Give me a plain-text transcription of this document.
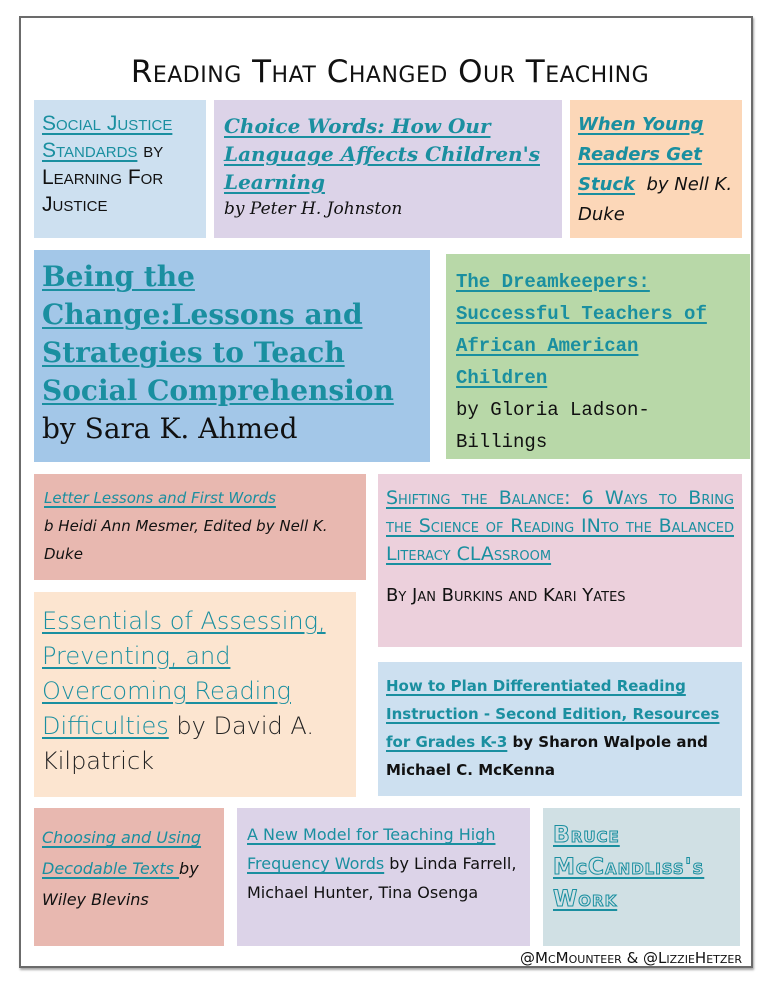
Reading That Changed Our Teaching
Social Justice Standards by Learning For Justice
Choice Words: How Our Language Affects Children's Learning
by Peter H. Johnston
When Young Readers Get Stuck  by Nell K. Duke
Being the Change:Lessons and Strategies to Teach Social Comprehension
by Sara K. Ahmed
The Dreamkeepers: Successful Teachers of African American Children
by Gloria Ladson-Billings
Letter Lessons and First Words
b Heidi Ann Mesmer, Edited by Nell K. Duke
Essentials of Assessing, Preventing, and Overcoming Reading Difficulties by David A. Kilpatrick
Shifting the Balance: 6 Ways to Bring the Science of Reading INto the Balanced Literacy CLAssroom
By Jan Burkins and Kari Yates
How to Plan Differentiated Reading Instruction - Second Edition, Resources for Grades K-3 by Sharon Walpole and Michael C. McKenna
Choosing and Using Decodable Texts by Wiley Blevins
A New Model for Teaching High Frequency Words by Linda Farrell, Michael Hunter, Tina Osenga
Bruce McCandliss's Work
@McMounteer & @LizzieHetzer
